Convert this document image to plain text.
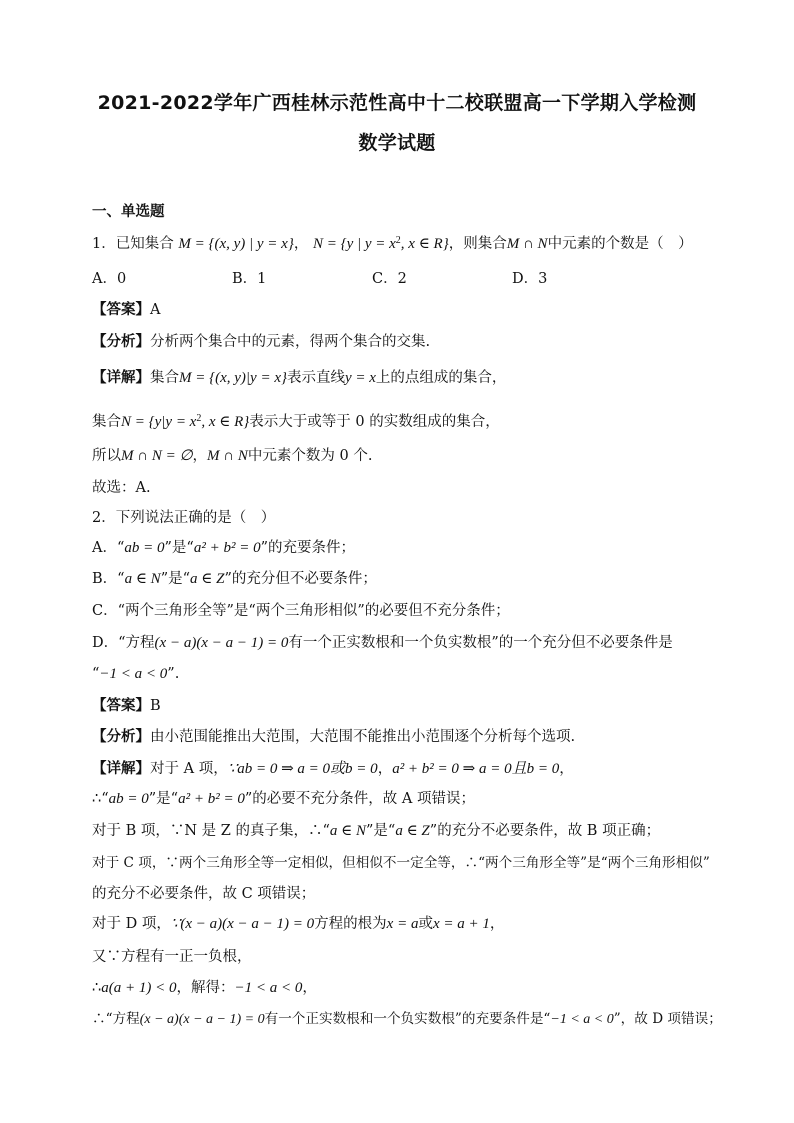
2021-2022学年广西桂林示范性高中十二校联盟高一下学期入学检测
数学试题
一、单选题
1．已知集合 M = {(x, y) | y = x}， N = {y | $y = x^2$, x ∈ R}，则集合M ∩ N中元素的个数是（　）
A．0	B．1	C．2	D．3
【答案】A
【分析】分析两个集合中的元素，得两个集合的交集.
【详解】集合M = {(x, y)|y = x}表示直线y = x上的点组成的集合，
集合$N = \{y|y = x^2$, x ∈ R}表示大于或等于 0 的实数组成的集合，
所以M ∩ N = ∅，M ∩ N中元素个数为 0 个.
故选：A.
2．下列说法正确的是（　）
A．“ab = 0”是“a² + b² = 0”的充要条件；
B．“a ∈ N”是“a ∈ Z”的充分但不必要条件；
C．“两个三角形全等”是“两个三角形相似”的必要但不充分条件；
D．“方程(x − a)(x − a − 1) = 0有一个正实数根和一个负实数根”的一个充分但不必要条件是
“−1 < a < 0”.
【答案】B
【分析】由小范围能推出大范围，大范围不能推出小范围逐个分析每个选项.
【详解】对于 A 项，∵ab = 0 ⇒ a = 0或b = 0，a² + b² = 0 ⇒ a = 0且b = 0，
∴“ab = 0”是“a² + b² = 0”的必要不充分条件，故 A 项错误；
对于 B 项，∵N 是 Z 的真子集，∴“a ∈ N”是“a ∈ Z”的充分不必要条件，故 B 项正确；
对于 C 项，∵两个三角形全等一定相似，但相似不一定全等，∴“两个三角形全等”是“两个三角形相似”
的充分不必要条件，故 C 项错误；
对于 D 项，∵(x − a)(x − a − 1) = 0方程的根为x = a或x = a + 1，
又∵方程有一正一负根，
∴a(a + 1) < 0，解得：−1 < a < 0，
∴“方程(x − a)(x − a − 1) = 0有一个正实数根和一个负实数根”的充要条件是“−1 < a < 0”，故 D 项错误；
